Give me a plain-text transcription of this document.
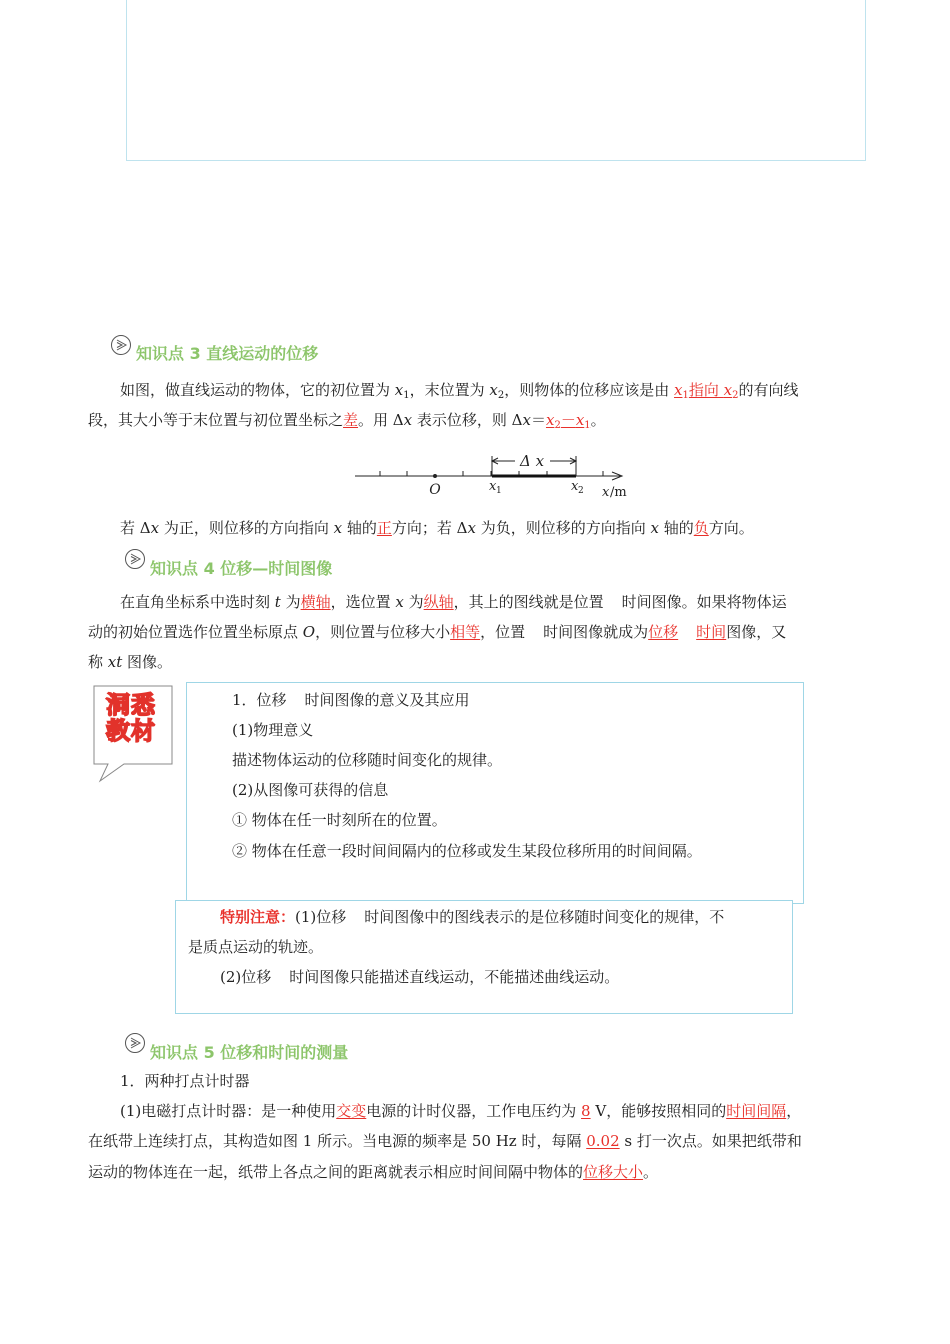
知识点 3 直线运动的位移
如图，做直线运动的物体，它的初位置为 $x_1$，末位置为 $x_2$，则物体的位移应该是由 $x_1$指向 $x_2$的有向线
段，其大小等于末位置与初位置坐标之差。用 Δx 表示位移，则 $\Delta x=x_2-x_1$。
Δ x
O	x 1	x 2 x /m
若 Δx 为正，则位移的方向指向 x 轴的正方向；若 Δx 为负，则位移的方向指向 x 轴的负方向。
知识点 4 位移—时间图像
在直角坐标系中选时刻 t 为横轴，选位置 x 为纵轴，其上的图线就是位置 时间图像。如果将物体运
动的初始位置选作位置坐标原点 O，则位置与位移大小相等，位置 时间图像就成为位移 时间图像，又
称 xt 图像。
洞悉
教材
1．位移 时间图像的意义及其应用
(1)物理意义
描述物体运动的位移随时间变化的规律。
(2)从图像可获得的信息
① 物体在任一时刻所在的位置。
② 物体在任意一段时间间隔内的位移或发生某段位移所用的时间间隔。
特别注意：(1)位移 时间图像中的图线表示的是位移随时间变化的规律，不
是质点运动的轨迹。
(2)位移 时间图像只能描述直线运动，不能描述曲线运动。
知识点 5 位移和时间的测量
1．两种打点计时器
(1)电磁打点计时器：是一种使用交变电源的计时仪器，工作电压约为 8 V，能够按照相同的时间间隔，
在纸带上连续打点，其构造如图 1 所示。当电源的频率是 50 Hz 时，每隔 0.02 s 打一次点。如果把纸带和
运动的物体连在一起，纸带上各点之间的距离就表示相应时间间隔中物体的位移大小。
